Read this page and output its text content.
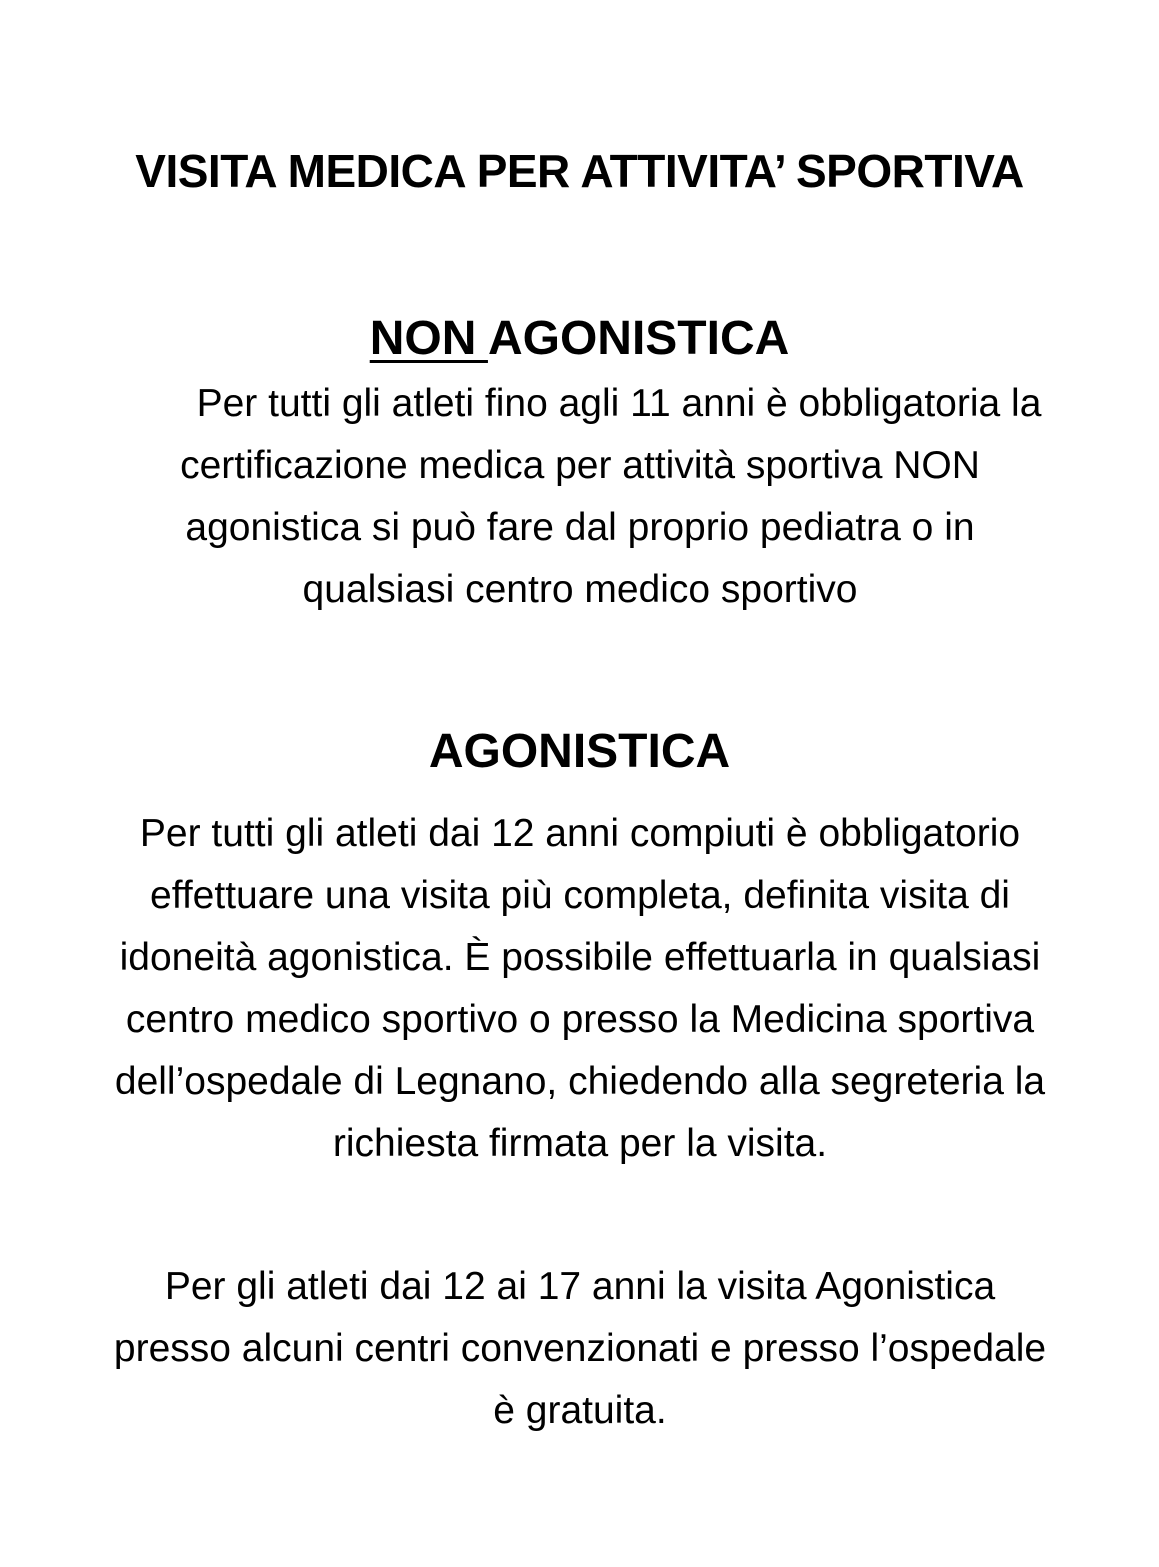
VISITA MEDICA PER ATTIVITA’ SPORTIVA
NON AGONISTICA

Per tutti gli atleti fino agli 11 anni è obbligatoria la certificazione medica per attività sportiva NON agonistica si può fare dal proprio pediatra o in qualsiasi centro medico sportivo

AGONISTICA

Per tutti gli atleti dai 12 anni compiuti è obbligatorio effettuare una visita più completa, definita visita di idoneità agonistica. È possibile effettuarla in qualsiasi centro medico sportivo o presso la Medicina sportiva dell’ospedale di Legnano, chiedendo alla segreteria la richiesta firmata per la visita.

Per gli atleti dai 12 ai 17 anni la visita Agonistica presso alcuni centri convenzionati e presso l’ospedale è gratuita.
